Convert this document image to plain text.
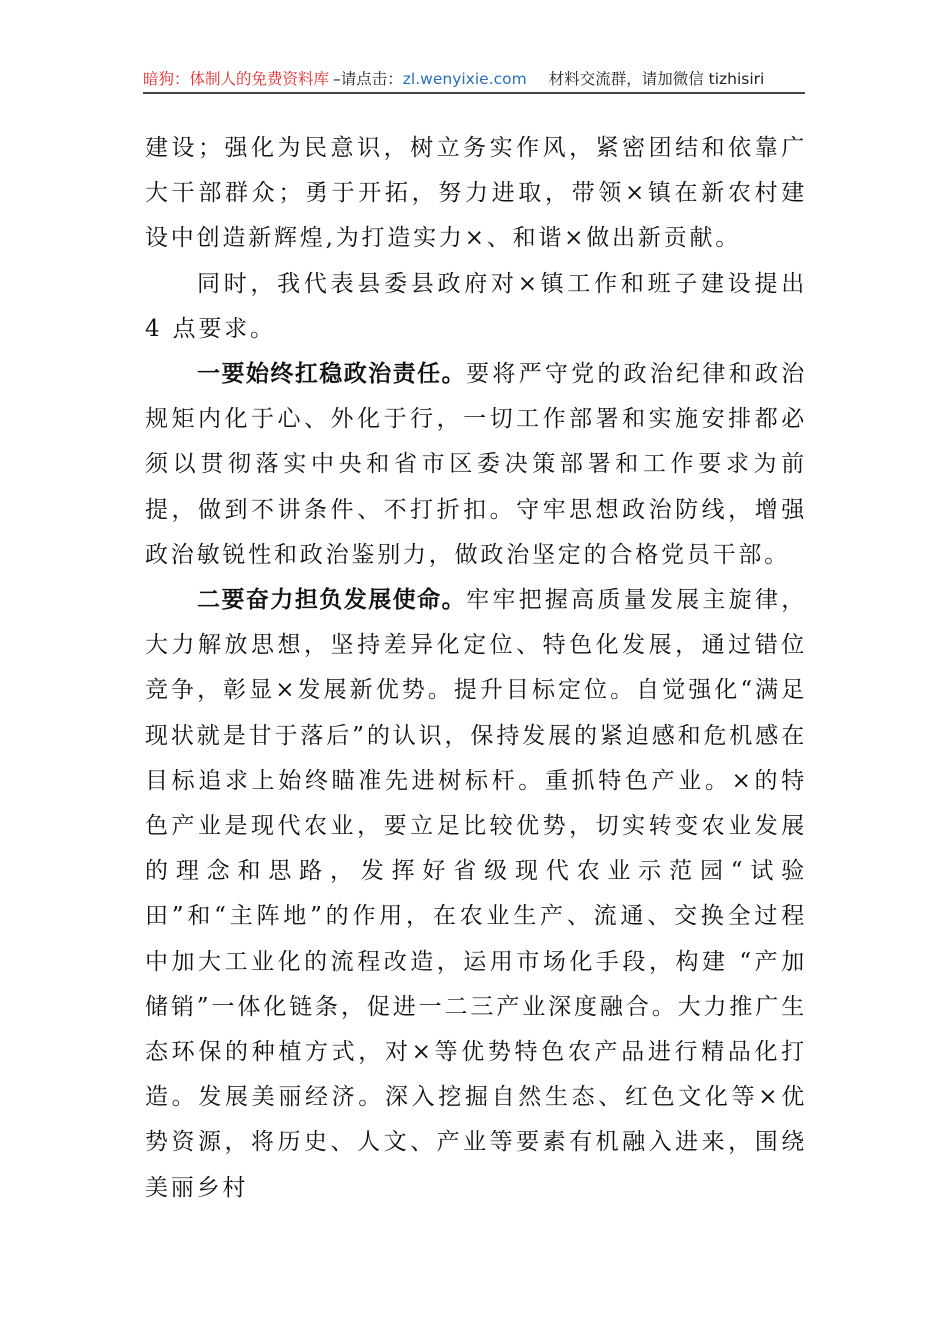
暗狗：体制人的免费资料库 –请点击： zl.wenyixie.com 材料交流群，请加微信 tizhisiri

建设；强化为民意识，树立务实作风，紧密团结和依靠广大干部群众；勇于开拓，努力进取，带领×镇在新农村建设中创造新辉煌,为打造实力×、和谐×做出新贡献。

同时，我代表县委县政府对×镇工作和班子建设提出 4 点要求。

一要始终扛稳政治责任。要将严守党的政治纪律和政治规矩内化于心、外化于行，一切工作部署和实施安排都必须以贯彻落实中央和省市区委决策部署和工作要求为前提，做到不讲条件、不打折扣。守牢思想政治防线，增强政治敏锐性和政治鉴别力，做政治坚定的合格党员干部。

二要奋力担负发展使命。牢牢把握高质量发展主旋律，大力解放思想，坚持差异化定位、特色化发展，通过错位竞争，彰显×发展新优势。提升目标定位。自觉强化“满足现状就是甘于落后”的认识，保持发展的紧迫感和危机感在目标追求上始终瞄准先进树标杆。重抓特色产业。×的特色产业是现代农业，要立足比较优势，切实转变农业发展的理念和思路，发挥好省级现代农业示范园“试验田”和“主阵地”的作用，在农业生产、流通、交换全过程中加大工业化的流程改造，运用市场化手段，构建 “产加储销”一体化链条，促进一二三产业深度融合。大力推广生态环保的种植方式，对×等优势特色农产品进行精品化打造。发展美丽经济。深入挖掘自然生态、红色文化等×优势资源，将历史、人文、产业等要素有机融入进来，围绕美丽乡村
